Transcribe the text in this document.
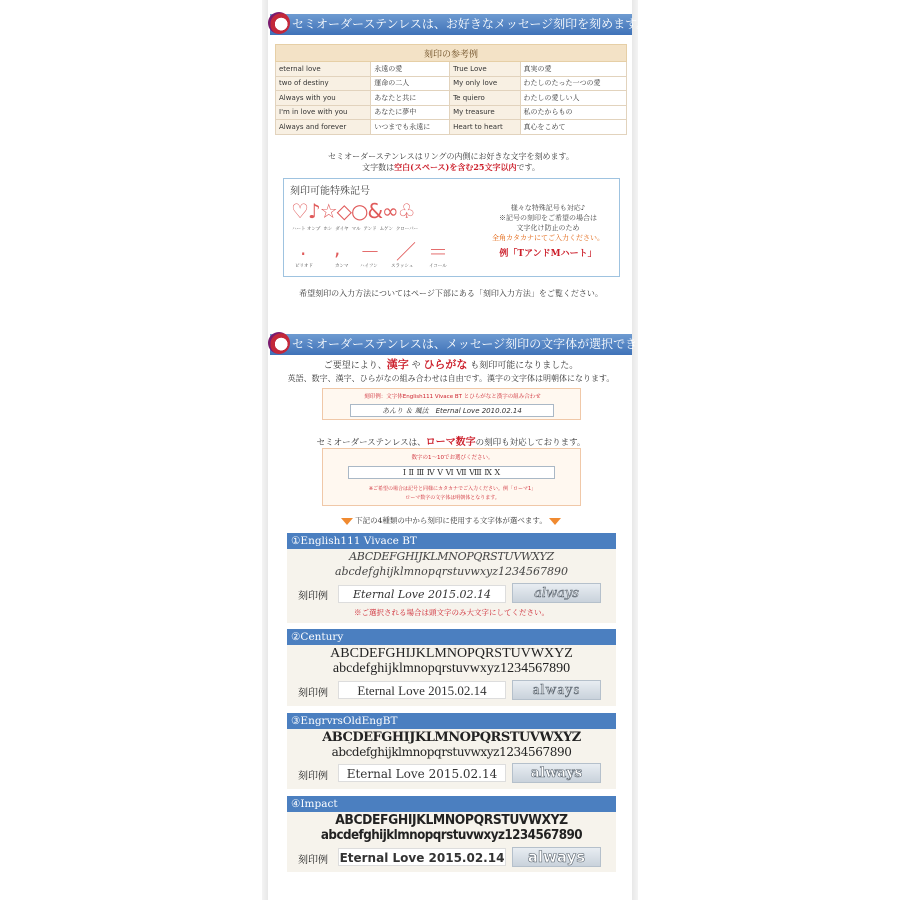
セミオーダーステンレスは、お好きなメッセージ刻印を刻めます。
刻印の参考例			
eternal love	永遠の愛	True Love	真実の愛
two of destiny	運命の二人	My only love	わたしのたった一つの愛
Always with you	あなたと共に	Te quiero	わたしの愛しい人
I'm in love with you	あなたに夢中	My treasure	私のたからもの
Always and forever	いつまでも永遠に	Heart to heart	真心をこめて
セミオーダーステンレスはリングの内側にお好きな文字を刻めます。
文字数は空白(スペース)を含む25文字以内です。
刻印可能特殊記号
♡♪☆◇○&∞♧
ハート オンプ ホシ ダイヤ マル アンド ムゲン クローバー
. , － ／ ＝
ピリオド	カンマ	ハイフン	スラッシュ	イコール
様々な特殊記号も対応♪
※記号の刻印をご希望の場合は
文字化け防止のため
全角カタカナにてご入力ください。
例「TアンドMハート」
希望刻印の入力方法についてはページ下部にある「刻印入力方法」をご覧ください。
セミオーダーステンレスは、メッセージ刻印の文字体が選択できます。
ご要望により、漢字 や ひらがな も刻印可能になりました。
英語、数字、漢字、ひらがなの組み合わせは自由です。漢字の文字体は明朝体になります。
刻印例：文字体English111 Vivace BT とひらがなと漢字の組み合わせ
あんり ＆ 颯汰　Eternal Love 2010.02.14
セミオーダーステンレスは、ローマ数字の刻印も対応しております。
数字の1～10でお選びください。
Ⅰ Ⅱ Ⅲ Ⅳ Ⅴ Ⅵ Ⅶ Ⅷ Ⅸ Ⅹ
※ご希望の場合は記号と同様にカタカナでご入力ください。例「ローマ1」
ローマ数字の文字体は明朝体となります。
下記の4種類の中から刻印に使用する文字体が選べます。
①English111 Vivace BT
ABCDEFGHIJKLMNOPQRSTUVWXYZ
abcdefghijklmnopqrstuvwxyz1234567890
刻印例	Eternal Love 2015.02.14	always
※ご選択される場合は頭文字のみ大文字にしてください。
②Century
ABCDEFGHIJKLMNOPQRSTUVWXYZ
abcdefghijklmnopqrstuvwxyz1234567890
刻印例	Eternal Love 2015.02.14	always
③EngrvrsOldEngBT
ABCDEFGHIJKLMNOPQRSTUVWXYZ
abcdefghijklmnopqrstuvwxyz1234567890
刻印例	Eternal Love 2015.02.14	always
④Impact
ABCDEFGHIJKLMNOPQRSTUVWXYZ
abcdefghijklmnopqrstuvwxyz1234567890
刻印例 Eternal Love 2015.02.14	always
